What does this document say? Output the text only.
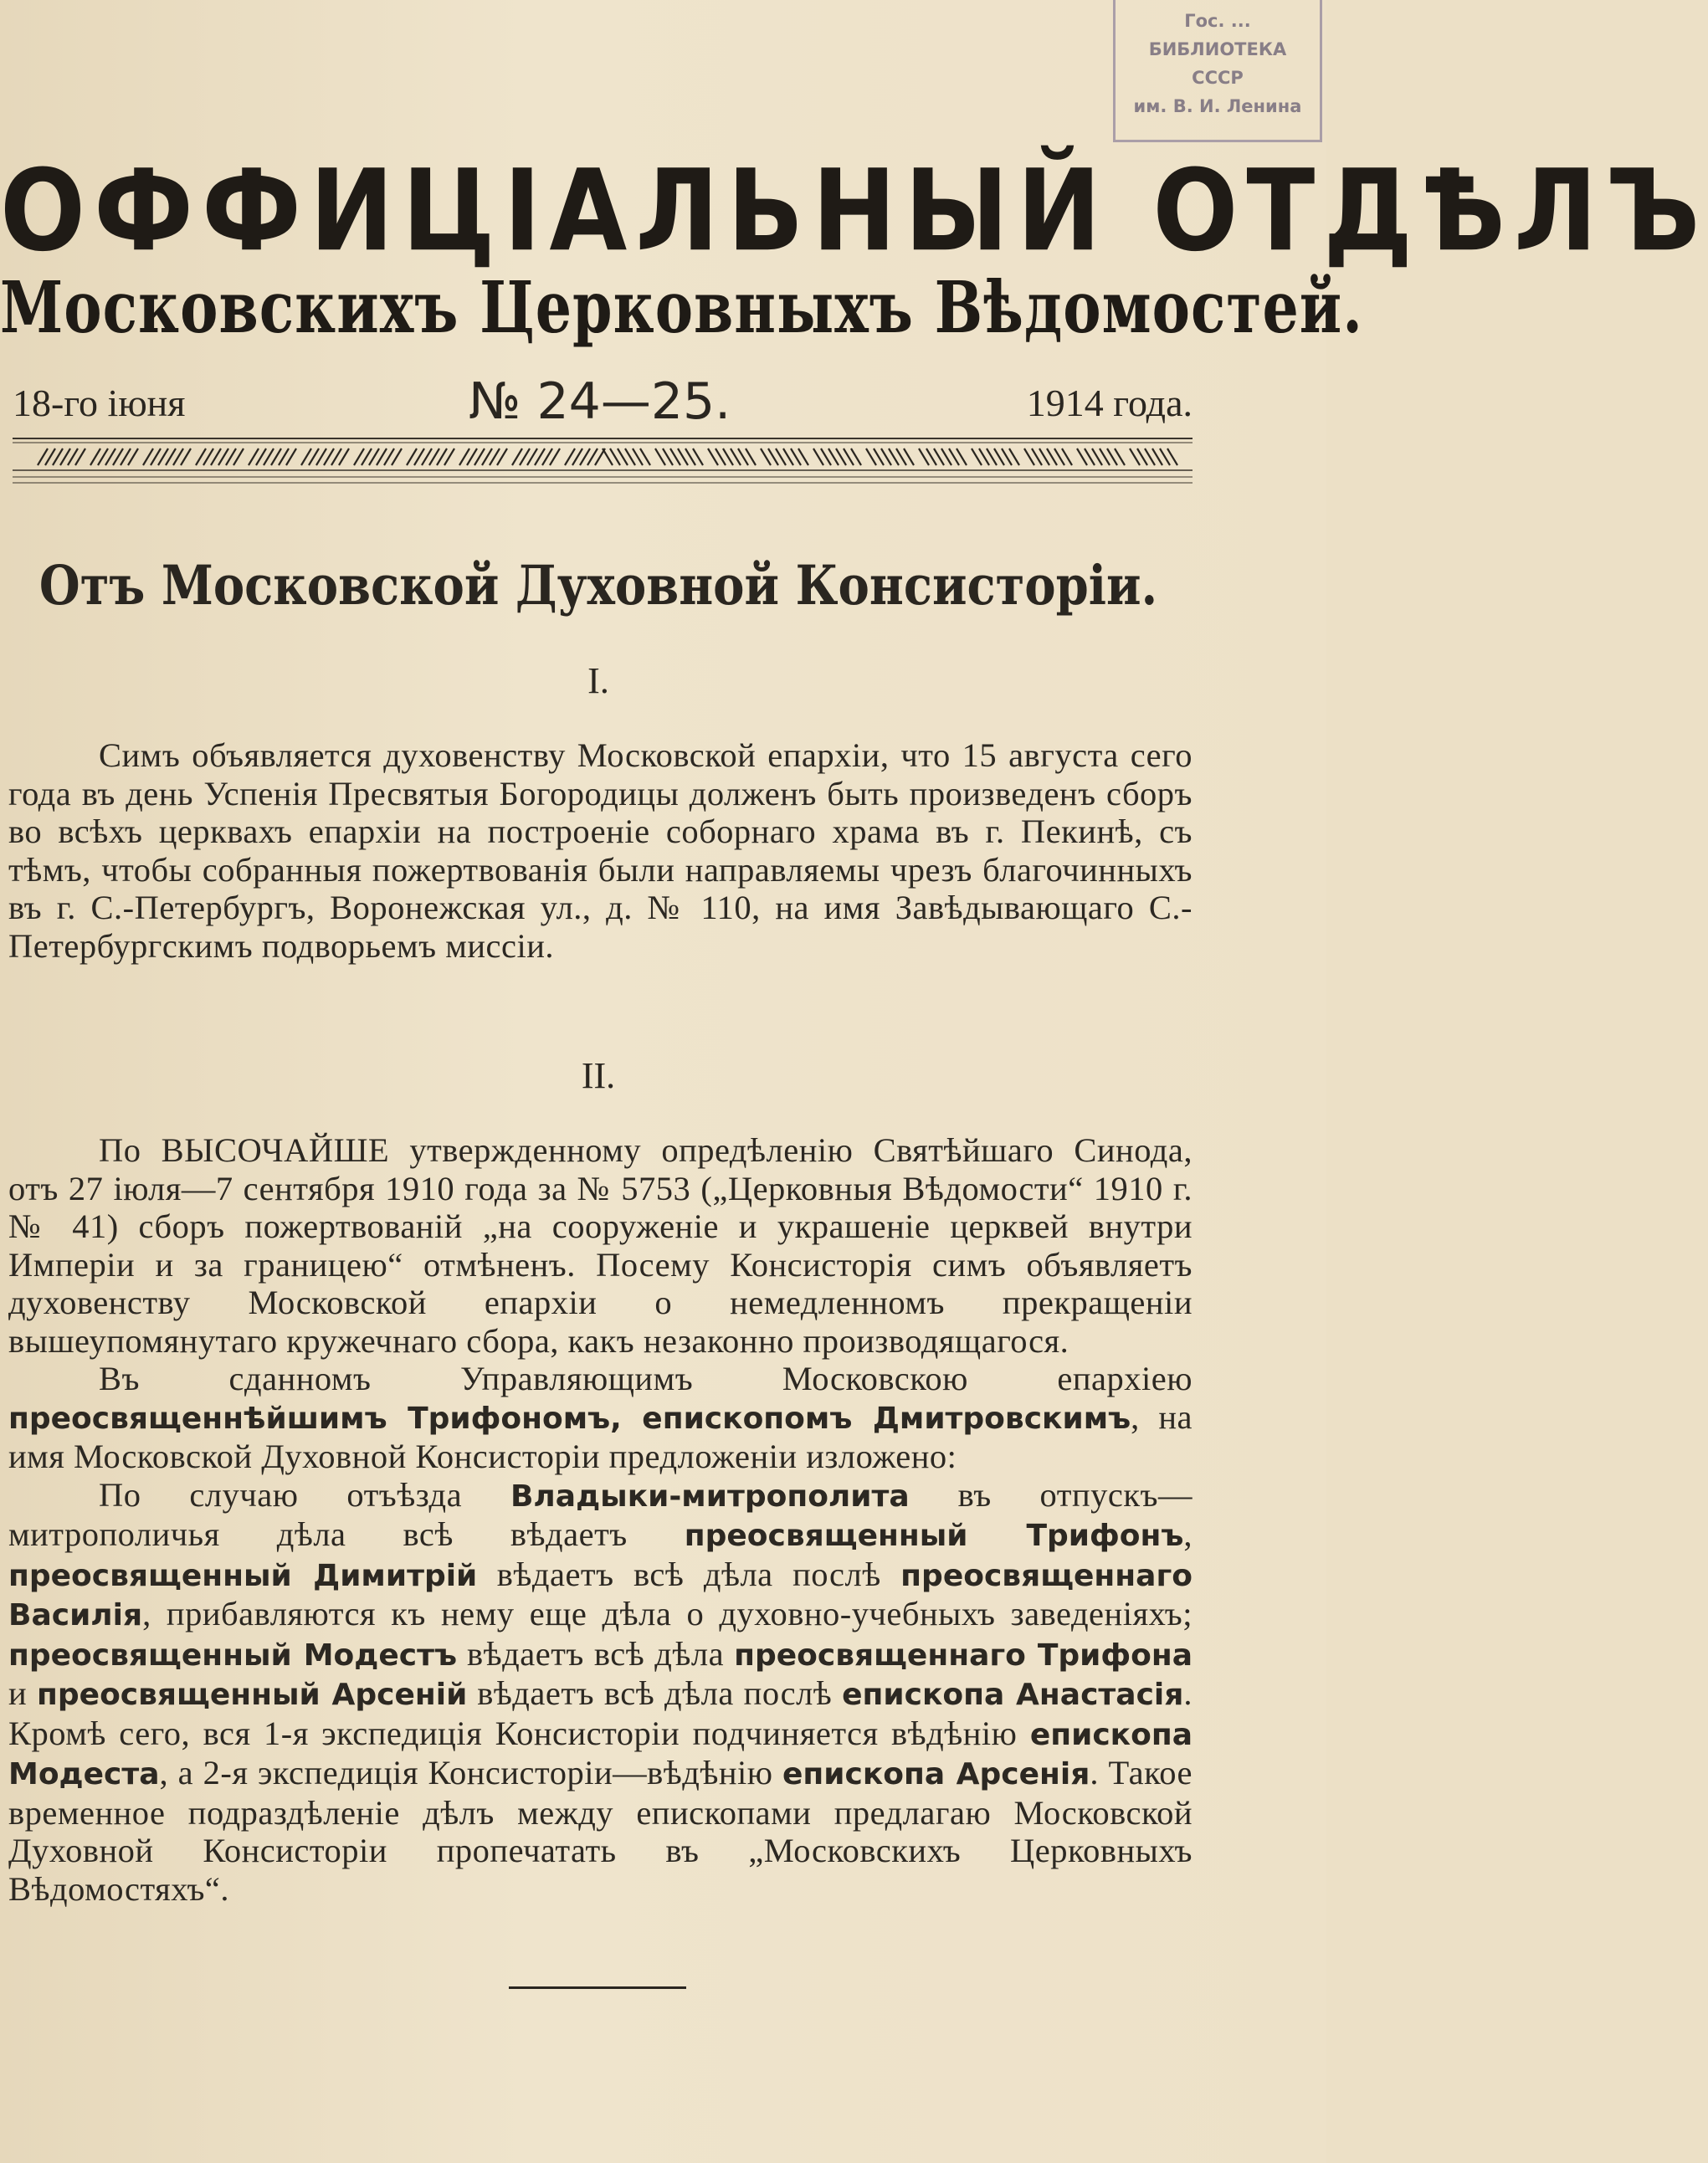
Гос. ...
БИБЛИОТЕКА
СССР
им. В. И. Ленина
ОФФИЦІАЛЬНЫЙ ОТДѢЛЪ
Московскихъ Церковныхъ Вѣдомостей.
18-го іюня	№ 24—25.	1914 года.
Отъ Московской Духовной Консисторіи.
I.

Симъ объявляется духовенству Московской епархіи, что 15 августа сего года въ день Успенія Пресвятыя Богородицы долженъ быть произведенъ сборъ во всѣхъ церквахъ епархіи на построеніе соборнаго храма въ г. Пекинѣ, съ тѣмъ, чтобы собранныя пожертвованія были направляемы чрезъ благочинныхъ въ г. С.-Петербургъ, Воронежская ул., д. № 110, на имя Завѣдывающаго С.-Петербургскимъ подворьемъ миссіи.

II.

По ВЫСОЧАЙШЕ утвержденному опредѣленію Святѣйшаго Синода, отъ 27 іюля—7 сентября 1910 года за № 5753 („Церковныя Вѣдомости“ 1910 г. № 41) сборъ пожертвованій „на сооруженіе и украшеніе церквей внутри Имперіи и за границею“ отмѣненъ. Посему Консисторія симъ объявляетъ духовенству Московской епархіи о немедленномъ прекращеніи вышеупомянутаго кружечнаго сбора, какъ незаконно производящагося.

Въ сданномъ Управляющимъ Московскою епархіею преосвященнѣйшимъ Трифономъ, епископомъ Дмитровскимъ, на имя Московской Духовной Консисторіи предложеніи изложено:

По случаю отъѣзда Владыки-митрополита въ отпускъ—митрополичья дѣла всѣ вѣдаетъ преосвященный Трифонъ, преосвященный Димитрій вѣдаетъ всѣ дѣла послѣ преосвященнаго Василія, прибавляются къ нему еще дѣла о духовно-учебныхъ заведеніяхъ; преосвященный Модестъ вѣдаетъ всѣ дѣла преосвященнаго Трифона и преосвященный Арсеній вѣдаетъ всѣ дѣла послѣ епископа Анастасія. Кромѣ сего, вся 1-я экспедиція Консисторіи подчиняется вѣдѣнію епископа Модеста, а 2-я экспедиція Консисторіи—вѣдѣнію епископа Арсенія. Такое временное подраздѣленіе дѣлъ между епископами предлагаю Московской Духовной Консисторіи пропечатать въ „Московскихъ Церковныхъ Вѣдомостяхъ“.
